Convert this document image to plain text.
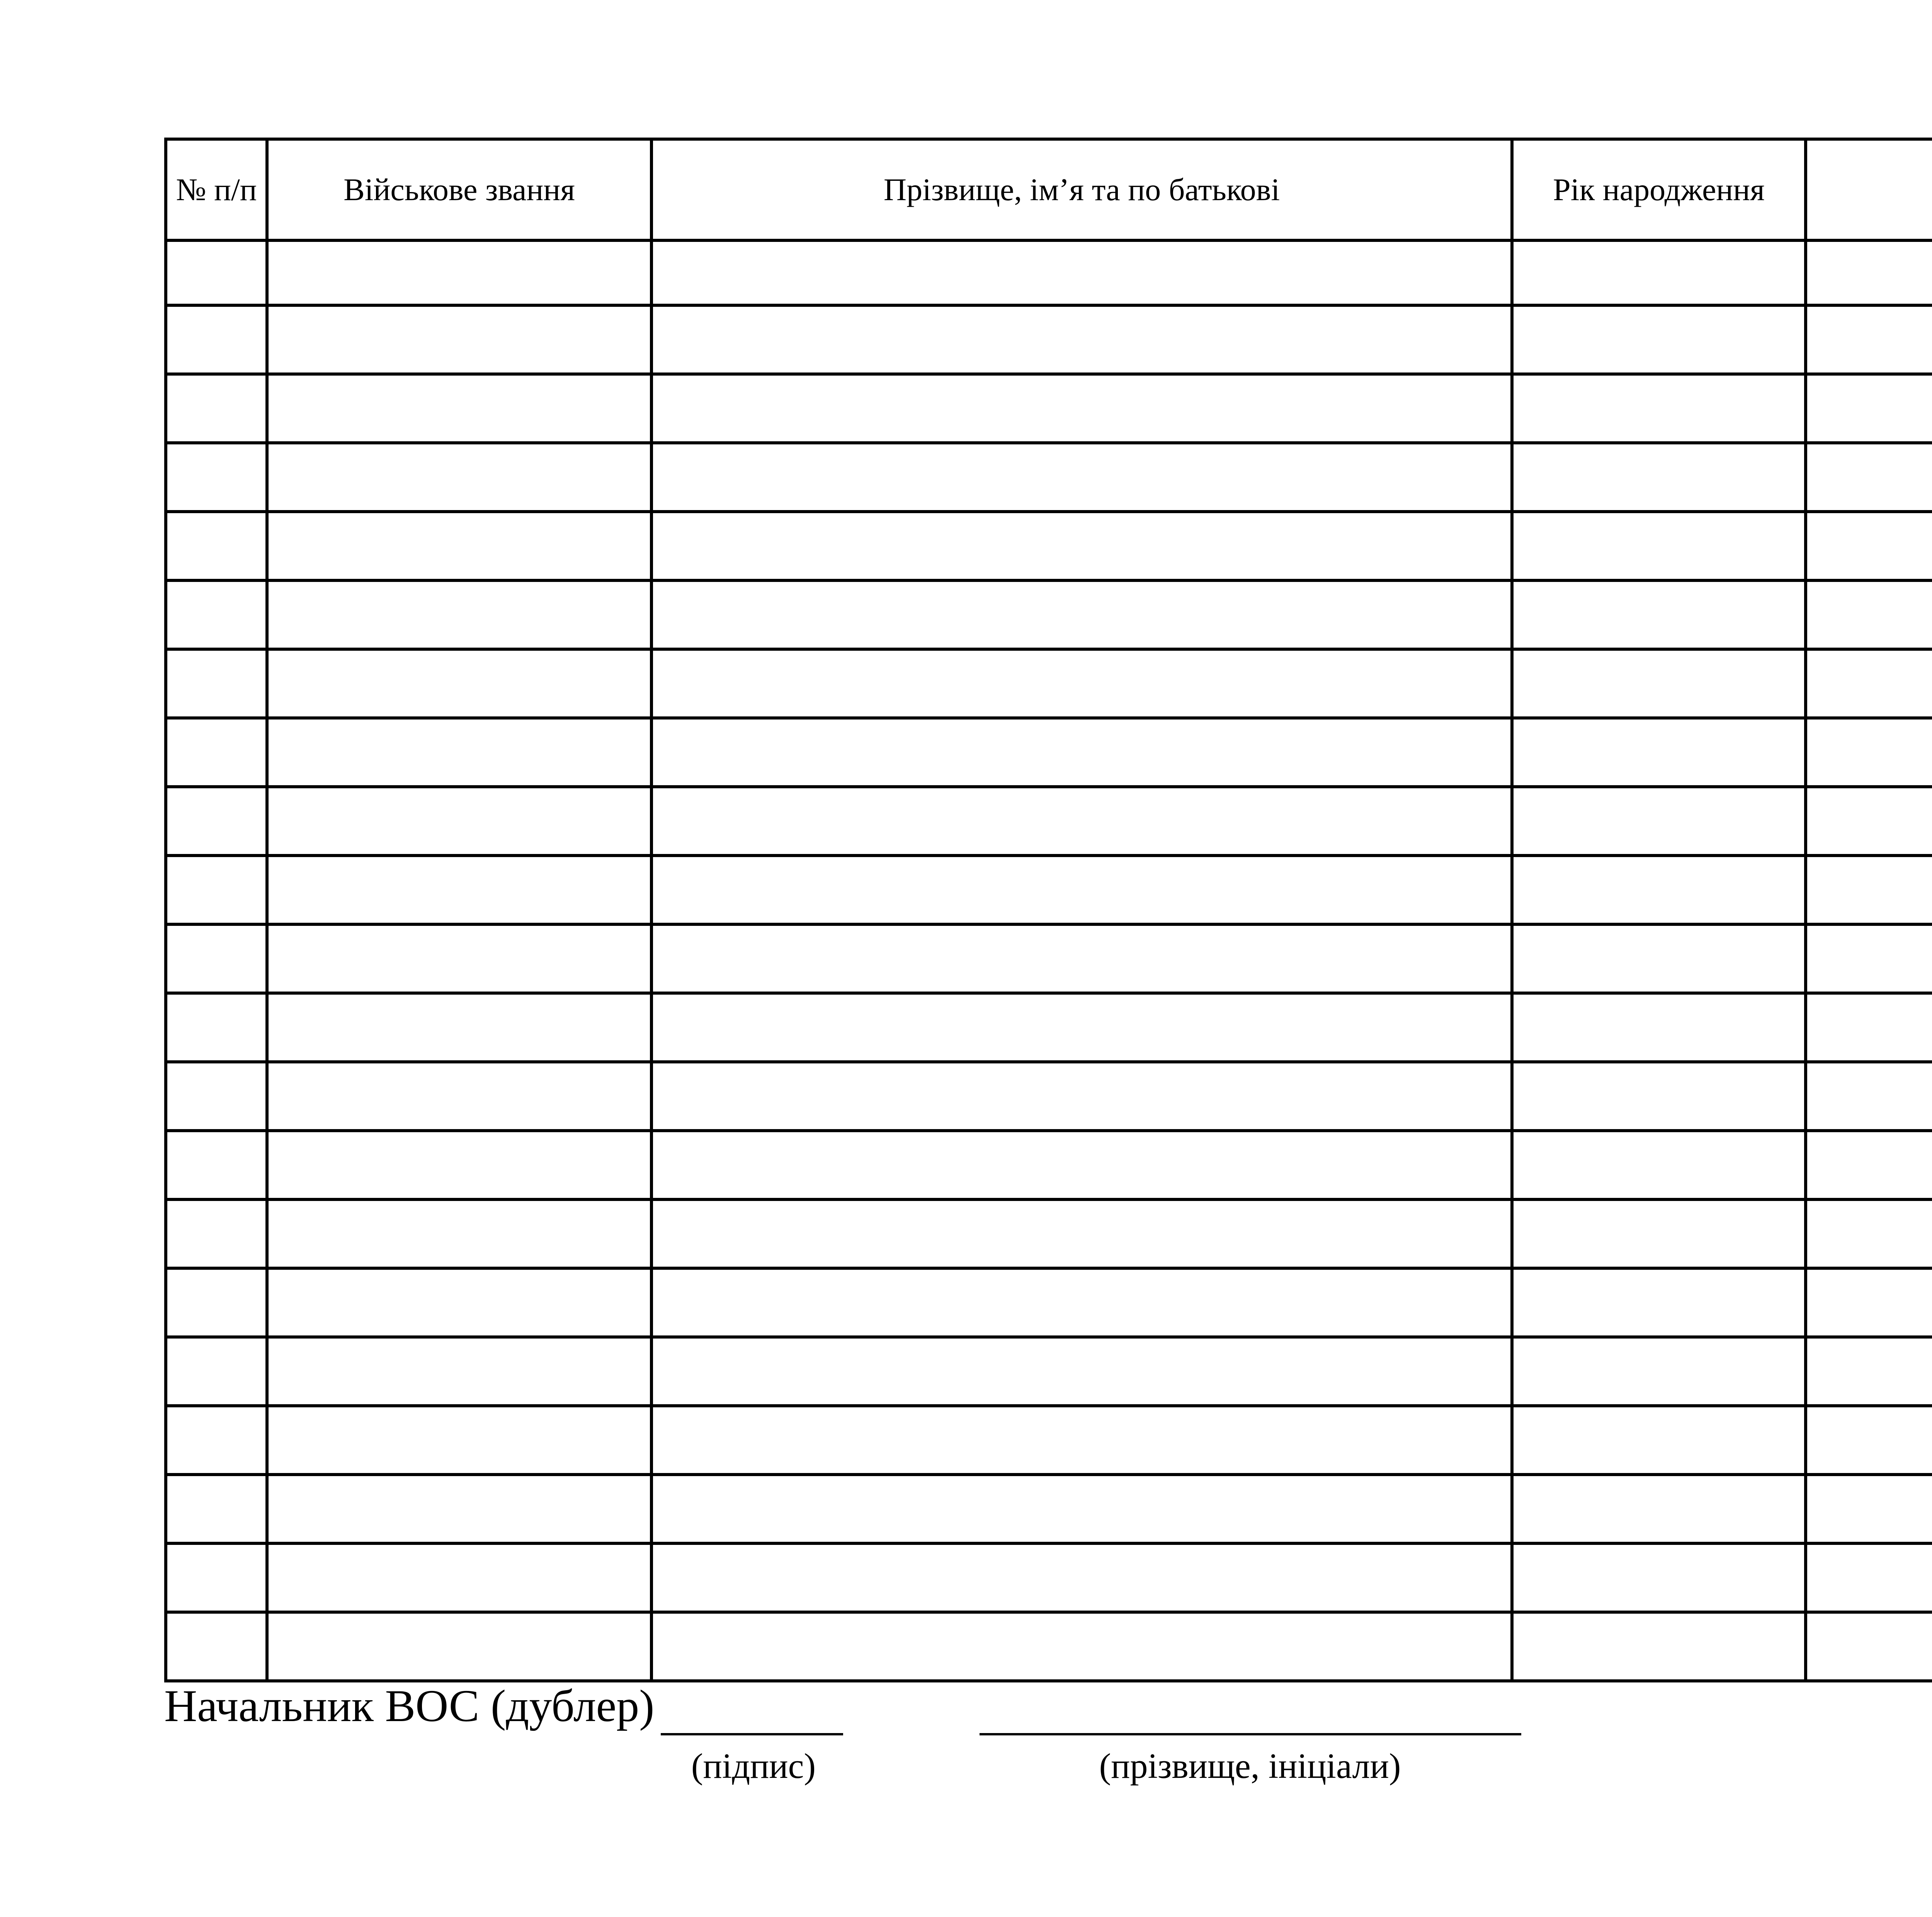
№ п/п	Військове звання	Прізвище, ім’я та по батькові	Рік народження	

Начальник ВОС (дублер)
(підпис)	(прізвище, ініціали)
